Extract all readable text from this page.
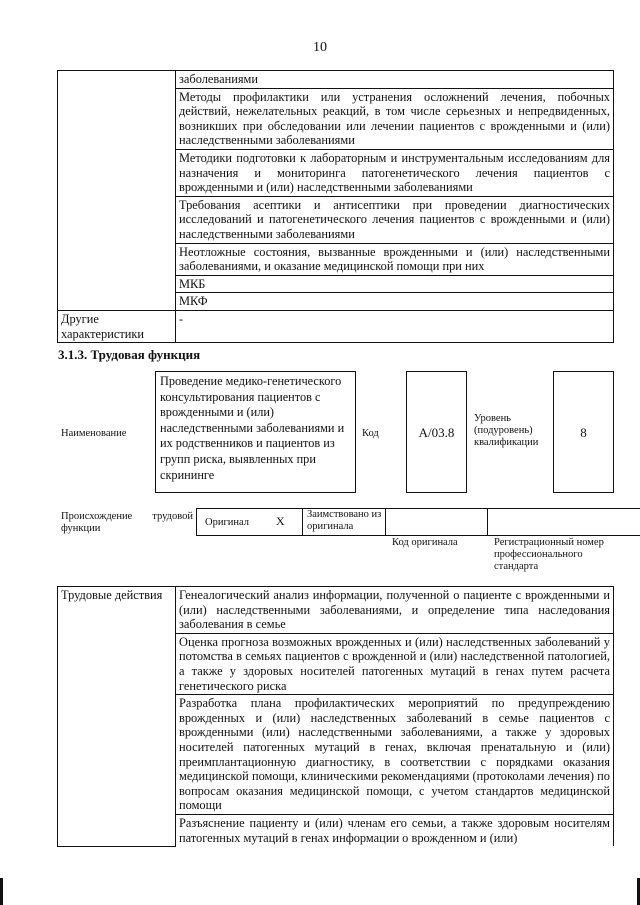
10
	заболеваниями
	Методы профилактики или устранения осложнений лечения, побочных действий, нежелательных реакций, в том числе серьезных и непредвиденных, возникших при обследовании или лечении пациентов с врожденными и (или) наследственными заболеваниями
	Методики подготовки к лабораторным и инструментальным исследованиям для назначения и мониторинга патогенетического лечения пациентов с врожденными и (или) наследственными заболеваниями
	Требования асептики и антисептики при проведении диагностических исследований и патогенетического лечения пациентов с врожденными и (или) наследственными заболеваниями
	Неотложные состояния, вызванные врожденными и (или) наследственными заболеваниями, и оказание медицинской помощи при них
	МКБ
	МКФ
Другие характеристики	-
3.1.3. Трудовая функция
Наименование
Проведение медико-генетического консультирования пациентов с врожденными и (или) наследственными заболеваниями и их родственников и пациентов из групп риска, выявленных при скрининге
Код	A/03.8
Уровень (подуровень) квалификации
8
Происхождение трудовой
функции
Оригинал X Заимствовано из оригинала
Код оригинала	Регистрационный номер профессионального стандарта
Трудовые действия	Генеалогический анализ информации, полученной о пациенте с врожденными и (или) наследственными заболеваниями, и определение типа наследования заболевания в семье
Оценка прогноза возможных врожденных и (или) наследственных заболеваний у потомства в семьях пациентов с врожденной и (или) наследственной патологией, а также у здоровых носителей патогенных мутаций в генах путем расчета генетического риска
Разработка плана профилактических мероприятий по предупреждению врожденных и (или) наследственных заболеваний в семье пациентов с врожденными (или) наследственными заболеваниями, а также у здоровых носителей патогенных мутаций в генах, включая пренатальную и (или) преимплантационную диагностику, в соответствии с порядками оказания медицинской помощи, клиническими рекомендациями (протоколами лечения) по вопросам оказания медицинской помощи, с учетом стандартов медицинской помощи
Разъяснение пациенту и (или) членам его семьи, а также здоровым носителям патогенных мутаций в генах информации о врожденном и (или)
